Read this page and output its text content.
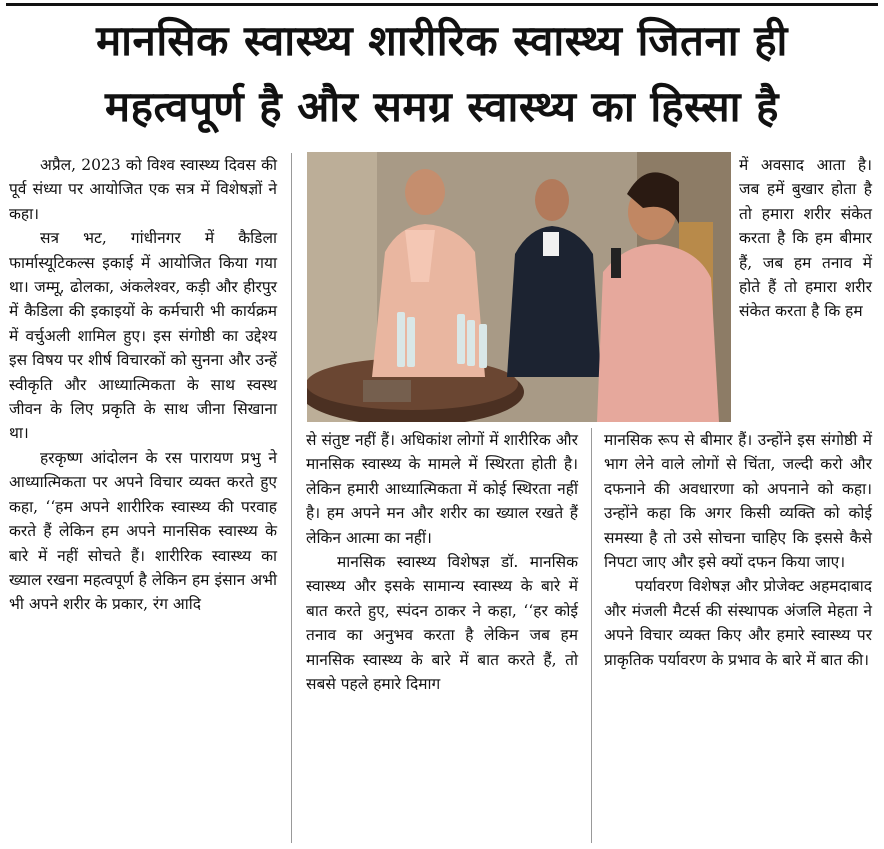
मानसिक स्वास्थ्य शारीरिक स्वास्थ्य जितना ही
महत्वपूर्ण है और समग्र स्वास्थ्य का हिस्सा है

अप्रैल, 2023 को विश्व स्वास्थ्य दिवस की पूर्व संध्या पर आयोजित एक सत्र में विशेषज्ञों ने कहा।

सत्र भट, गांधीनगर में कैडिला फार्मास्यूटिकल्स इकाई में आयोजित किया गया था। जम्मू, ढोलका, अंकलेश्वर, कड़ी और हीरपुर में कैडिला की इकाइयों के कर्मचारी भी कार्यक्रम में वर्चुअली शामिल हुए। इस संगोष्ठी का उद्देश्य इस विषय पर शीर्ष विचारकों को सुनना और उन्हें स्वीकृति और आध्यात्मिकता के साथ स्वस्थ जीवन के लिए प्रकृति के साथ जीना सिखाना था।

हरकृष्ण आंदोलन के रस पारायण प्रभु ने आध्यात्मिकता पर अपने विचार व्यक्त करते हुए कहा, ‘‘हम अपने शारीरिक स्वास्थ्य की परवाह करते हैं लेकिन हम अपने मानसिक स्वास्थ्य के बारे में नहीं सोचते हैं। शारीरिक स्वास्थ्य का ख्याल रखना महत्वपूर्ण है लेकिन हम इंसान अभी भी अपने शरीर के प्रकार, रंग आदि

में अवसाद आता है। जब हमें बुखार होता है तो हमारा शरीर संकेत करता है कि हम बीमार हैं, जब हम तनाव में होते हैं तो हमारा शरीर संकेत करता है कि हम

से संतुष्ट नहीं हैं। अधिकांश लोगों में शारीरिक और मानसिक स्वास्थ्य के मामले में स्थिरता होती है। लेकिन हमारी आध्यात्मिकता में कोई स्थिरता नहीं है। हम अपने मन और शरीर का ख्याल रखते हैं लेकिन आत्मा का नहीं।

मानसिक स्वास्थ्य विशेषज्ञ डॉ. मानसिक स्वास्थ्य और इसके सामान्य स्वास्थ्य के बारे में बात करते हुए, स्पंदन ठाकर ने कहा, ‘‘हर कोई तनाव का अनुभव करता है लेकिन जब हम मानसिक स्वास्थ्य के बारे में बात करते हैं, तो सबसे पहले हमारे दिमाग

मानसिक रूप से बीमार हैं। उन्होंने इस संगोष्ठी में भाग लेने वाले लोगों से चिंता, जल्दी करो और दफनाने की अवधारणा को अपनाने को कहा। उन्होंने कहा कि अगर किसी व्यक्ति को कोई समस्या है तो उसे सोचना चाहिए कि इससे कैसे निपटा जाए और इसे क्यों दफन किया जाए।

पर्यावरण विशेषज्ञ और प्रोजेक्ट अहमदाबाद और मंजली मैटर्स की संस्थापक अंजलि मेहता ने अपने विचार व्यक्त किए और हमारे स्वास्थ्य पर प्राकृतिक पर्यावरण के प्रभाव के बारे में बात की।
